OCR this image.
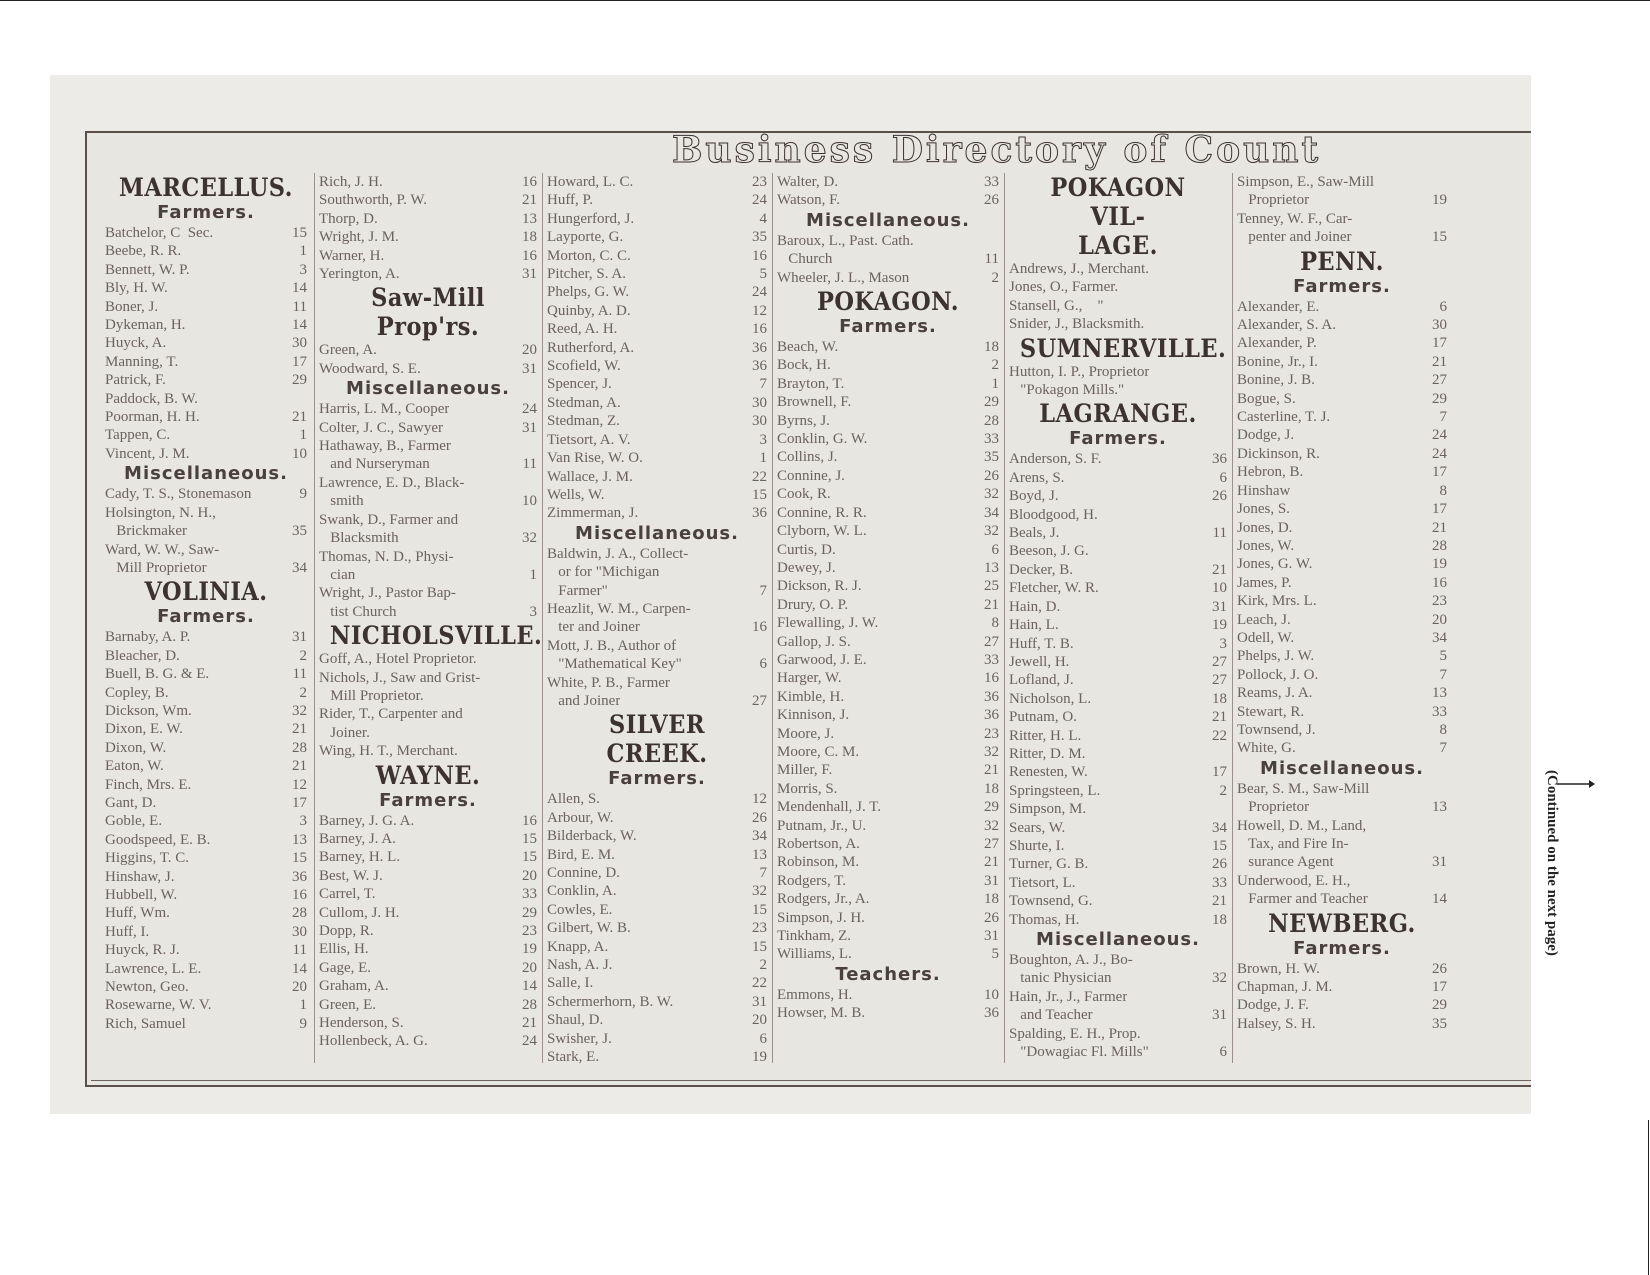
Business Directory of Count
MARCELLUS.
Farmers.
Batchelor, C  Sec.	15
Beebe, R. R.	1
Bennett, W. P.	3
Bly, H. W.	14
Boner, J.	11
Dykeman, H.	14
Huyck, A.	30
Manning, T.	17
Patrick, F.	29
Paddock, B. W.
Poorman, H. H.	21
Tappen, C.	1
Vincent, J. M.	10
Miscellaneous.
Cady, T. S., Stonemason	9
Holsington, N. H.,
Brickmaker	35
Ward, W. W., Saw-
Mill Proprietor	34
VOLINIA.
Farmers.
Barnaby, A. P.	31
Bleacher, D.	2
Buell, B. G. & E.	11
Copley, B.	2
Dickson, Wm.	32
Dixon, E. W.	21
Dixon, W.	28
Eaton, W.	21
Finch, Mrs. E.	12
Gant, D.	17
Goble, E.	3
Goodspeed, E. B.	13
Higgins, T. C.	15
Hinshaw, J.	36
Hubbell, W.	16
Huff, Wm.	28
Huff, I.	30
Huyck, R. J.	11
Lawrence, L. E.	14
Newton, Geo.	20
Rosewarne, W. V.	1
Rich, Samuel	9
Rich, J. H.	16
Southworth, P. W.	21
Thorp, D.	13
Wright, J. M.	18
Warner, H.	16
Yerington, A.	31
Saw-Mill Prop'rs.
Green, A.	20
Woodward, S. E.	31
Miscellaneous.
Harris, L. M., Cooper	24
Colter, J. C., Sawyer	31
Hathaway, B., Farmer
and Nurseryman	11
Lawrence, E. D., Black-
smith	10
Swank, D., Farmer and
Blacksmith	32
Thomas, N. D., Physi-
cian	1
Wright, J., Pastor Bap-
tist Church	3
NICHOLSVILLE.
Goff, A., Hotel Proprietor.
Nichols, J., Saw and Grist-
Mill Proprietor.
Rider, T., Carpenter and
Joiner.
Wing, H. T., Merchant.
WAYNE.
Farmers.
Barney, J. G. A.	16
Barney, J. A.	15
Barney, H. L.	15
Best, W. J.	20
Carrel, T.	33
Cullom, J. H.	29
Dopp, R.	23
Ellis, H.	19
Gage, E.	20
Graham, A.	14
Green, E.	28
Henderson, S.	21
Hollenbeck, A. G.	24
Howard, L. C.	23
Huff, P.	24
Hungerford, J.	4
Layporte, G.	35
Morton, C. C.	16
Pitcher, S. A.	5
Phelps, G. W.	24
Quinby, A. D.	12
Reed, A. H.	16
Rutherford, A.	36
Scofield, W.	36
Spencer, J.	7
Stedman, A.	30
Stedman, Z.	30
Tietsort, A. V.	3
Van Rise, W. O.	1
Wallace, J. M.	22
Wells, W.	15
Zimmerman, J.	36
Miscellaneous.
Baldwin, J. A., Collect-
or for "Michigan
Farmer"	7
Heazlit, W. M., Carpen-
ter and Joiner	16
Mott, J. B., Author of
"Mathematical Key"	6
White, P. B., Farmer
and Joiner	27
SILVER CREEK.
Farmers.
Allen, S.	12
Arbour, W.	26
Bilderback, W.	34
Bird, E. M.	13
Connine, D.	7
Conklin, A.	32
Cowles, E.	15
Gilbert, W. B.	23
Knapp, A.	15
Nash, A. J.	2
Salle, I.	22
Schermerhorn, B. W.	31
Shaul, D.	20
Swisher, J.	6
Stark, E.	19
Walter, D.	33
Watson, F.	26
Miscellaneous.
Baroux, L., Past. Cath.
Church	11
Wheeler, J. L., Mason	2
POKAGON.
Farmers.
Beach, W.	18
Bock, H.	2
Brayton, T.	1
Brownell, F.	29
Byrns, J.	28
Conklin, G. W.	33
Collins, J.	35
Connine, J.	26
Cook, R.	32
Connine, R. R.	34
Clyborn, W. L.	32
Curtis, D.	6
Dewey, J.	13
Dickson, R. J.	25
Drury, O. P.	21
Flewalling, J. W.	8
Gallop, J. S.	27
Garwood, J. E.	33
Harger, W.	16
Kimble, H.	36
Kinnison, J.	36
Moore, J.	23
Moore, C. M.	32
Miller, F.	21
Morris, S.	18
Mendenhall, J. T.	29
Putnam, Jr., U.	32
Robertson, A.	27
Robinson, M.	21
Rodgers, T.	31
Rodgers, Jr., A.	18
Simpson, J. H.	26
Tinkham, Z.	31
Williams, L.	5
Teachers.
Emmons, H.	10
Howser, M. B.	36
POKAGON VIL-
LAGE.
Andrews, J., Merchant.
Jones, O., Farmer.
Stansell, G.,    "
Snider, J., Blacksmith.
SUMNERVILLE.
Hutton, I. P., Proprietor
"Pokagon Mills."
LAGRANGE.
Farmers.
Anderson, S. F.	36
Arens, S.	6
Boyd, J.	26
Bloodgood, H.
Beals, J.	11
Beeson, J. G.
Decker, B.	21
Fletcher, W. R.	10
Hain, D.	31
Hain, L.	19
Huff, T. B.	3
Jewell, H.	27
Lofland, J.	27
Nicholson, L.	18
Putnam, O.	21
Ritter, H. L.	22
Ritter, D. M.
Renesten, W.	17
Springsteen, L.	2
Simpson, M.
Sears, W.	34
Shurte, I.	15
Turner, G. B.	26
Tietsort, L.	33
Townsend, G.	21
Thomas, H.	18
Miscellaneous.
Boughton, A. J., Bo-
tanic Physician	32
Hain, Jr., J., Farmer
and Teacher	31
Spalding, E. H., Prop.
"Dowagiac Fl. Mills"	6
Simpson, E., Saw-Mill
Proprietor	19
Tenney, W. F., Car-
penter and Joiner	15
PENN.
Farmers.
Alexander, E.	6
Alexander, S. A.	30
Alexander, P.	17
Bonine, Jr., I.	21
Bonine, J. B.	27
Bogue, S.	29
Casterline, T. J.	7
Dodge, J.	24
Dickinson, R.	24
Hebron, B.	17
Hinshaw	8
Jones, S.	17
Jones, D.	21
Jones, W.	28
Jones, G. W.	19
James, P.	16
Kirk, Mrs. L.	23
Leach, J.	20
Odell, W.	34
Phelps, J. W.	5
Pollock, J. O.	7
Reams, J. A.	13
Stewart, R.	33
Townsend, J.	8
White, G.	7
Miscellaneous.
Bear, S. M., Saw-Mill
Proprietor	13
Howell, D. M., Land,
Tax, and Fire In-
surance Agent	31
Underwood, E. H.,
Farmer and Teacher	14
NEWBERG.
Farmers.
Brown, H. W.	26
Chapman, J. M.	17
Dodge, J. F.	29
Halsey, S. H.	35
(Continued on the next page)
